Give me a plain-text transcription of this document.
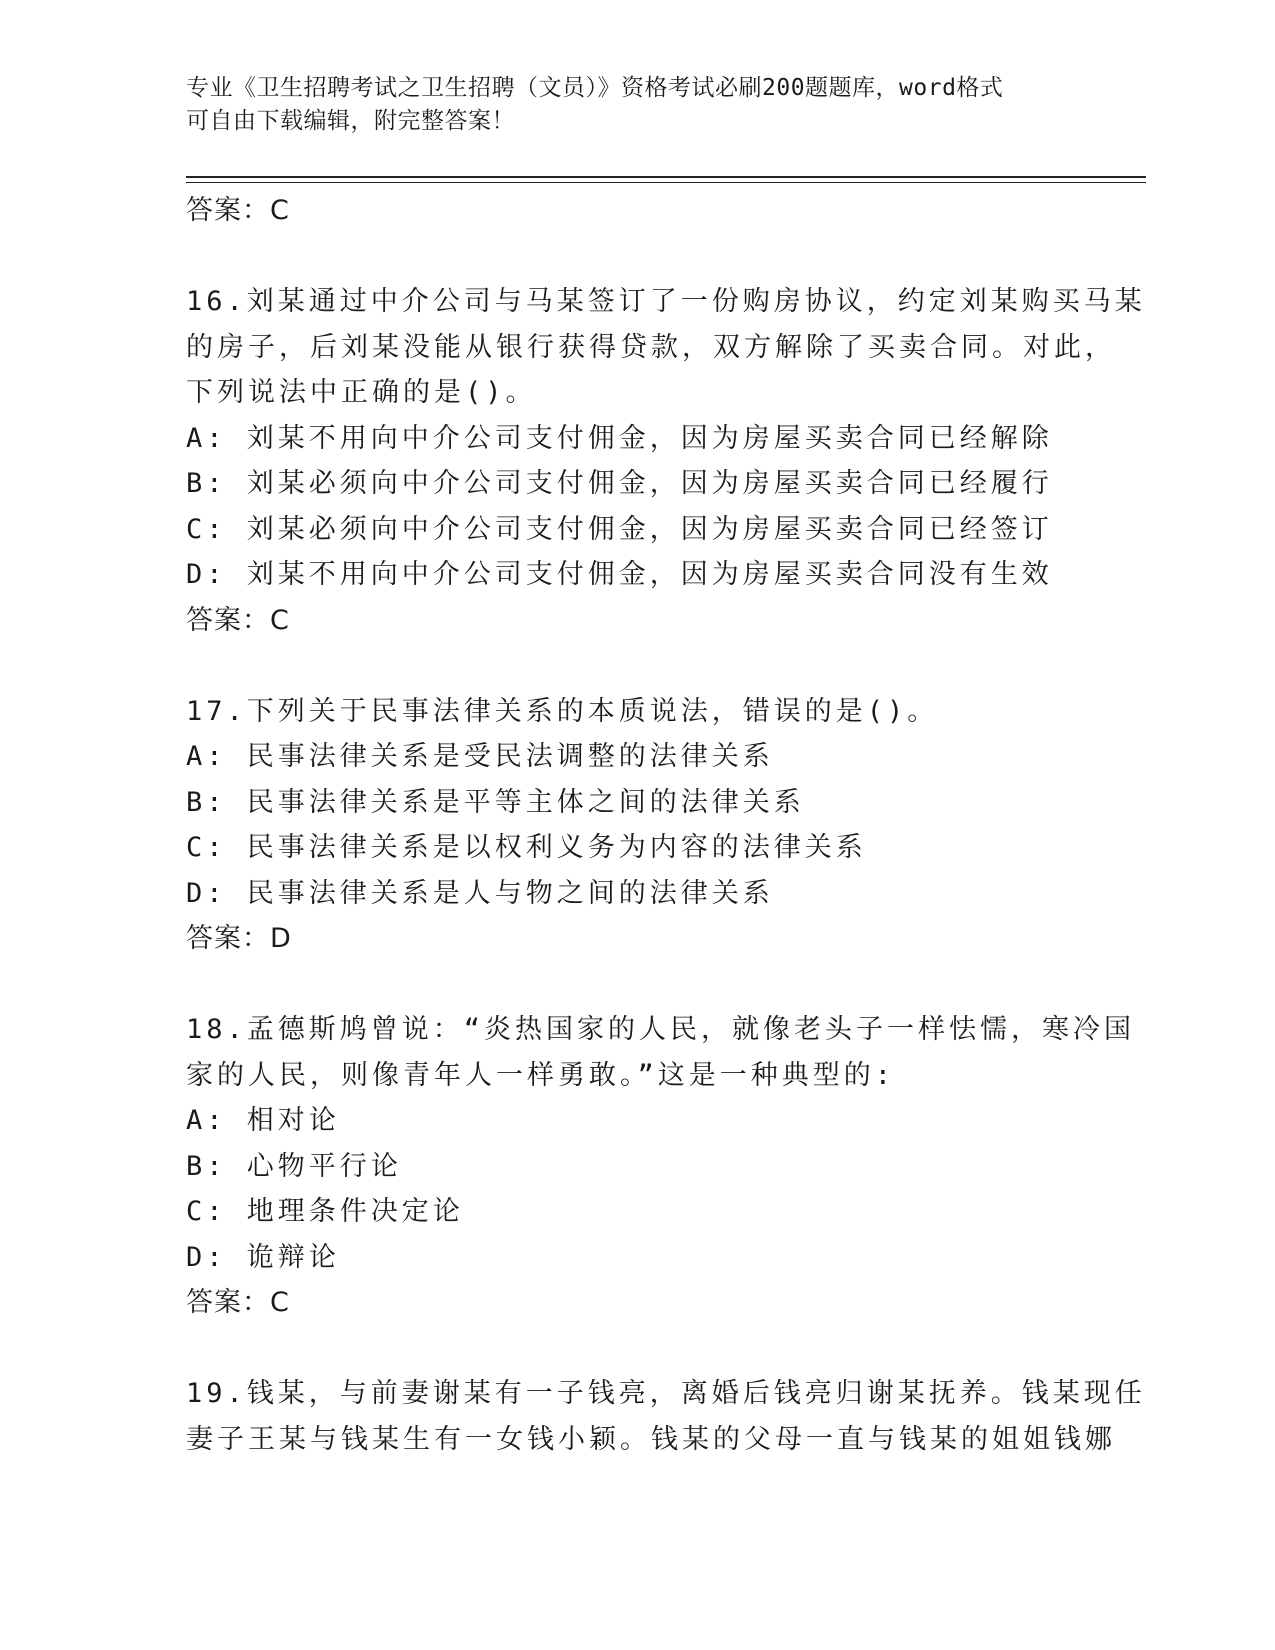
专业《卫生招聘考试之卫生招聘（文员）》资格考试必刷200题题库，word格式
可自由下载编辑，附完整答案！
答案：C
16.刘某通过中介公司与马某签订了一份购房协议，约定刘某购买马某
的房子，后刘某没能从银行获得贷款，双方解除了买卖合同。对此，
下列说法中正确的是()。
A: 刘某不用向中介公司支付佣金，因为房屋买卖合同已经解除
B: 刘某必须向中介公司支付佣金，因为房屋买卖合同已经履行
C: 刘某必须向中介公司支付佣金，因为房屋买卖合同已经签订
D: 刘某不用向中介公司支付佣金，因为房屋买卖合同没有生效
答案：C
17.下列关于民事法律关系的本质说法，错误的是()。
A: 民事法律关系是受民法调整的法律关系
B: 民事法律关系是平等主体之间的法律关系
C: 民事法律关系是以权利义务为内容的法律关系
D: 民事法律关系是人与物之间的法律关系
答案：D
18.孟德斯鸠曾说：“炎热国家的人民，就像老头子一样怯懦，寒冷国
家的人民，则像青年人一样勇敢。”这是一种典型的:
A: 相对论
B: 心物平行论
C: 地理条件决定论
D: 诡辩论
答案：C
19.钱某，与前妻谢某有一子钱亮，离婚后钱亮归谢某抚养。钱某现任
妻子王某与钱某生有一女钱小颖。钱某的父母一直与钱某的姐姐钱娜
